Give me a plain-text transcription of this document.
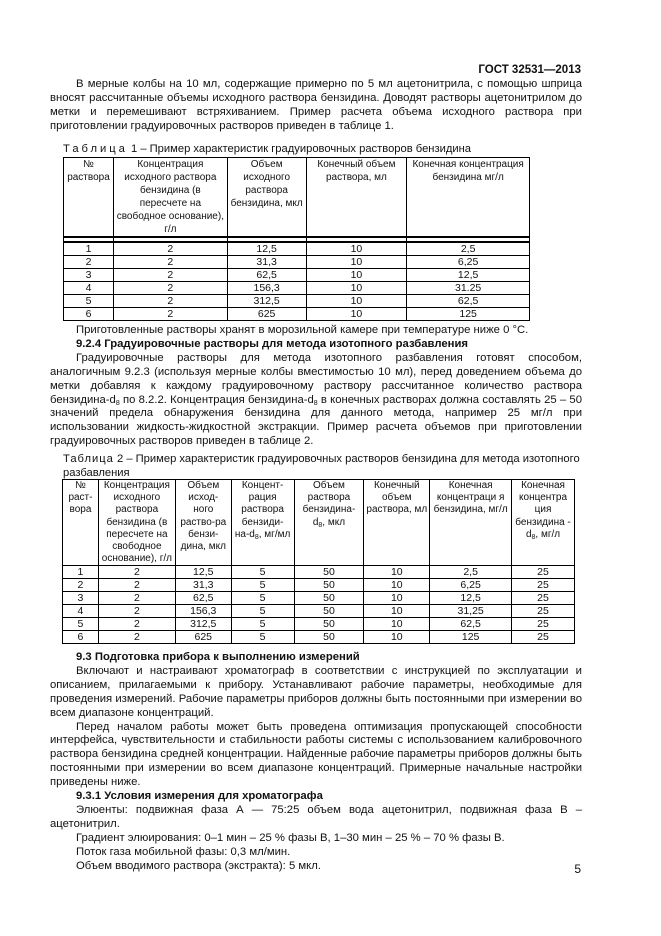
ГОСТ 32531—2013

В мерные колбы на 10 мл, содержащие примерно по 5 мл ацетонитрила, с помощью шприца вносят рассчитанные объемы исходного раствора бензидина. Доводят растворы ацетонитрилом до метки и перемешивают встряхиванием. Пример расчета объема исходного раствора при приготовлении градуировочных растворов приведен в таблице 1.

Таблица 1 – Пример характеристик градуировочных растворов бензидина
№ раствора	Концентрация исходного раствора бензидина (в пересчете на свободное основание), г/л	Объем исходного раствора бензидина, мкл	Конечный объем раствора, мл	Конечная концентрация бензидина мг/л

1	2	12,5	10	2,5
2	2	31,3	10	6,25
3	2	62,5	10	12,5
4	2	156,3	10	31.25
5	2	312,5	10	62,5
6	2	625	10	125

Приготовленные растворы хранят в морозильной камере при температуре ниже 0 °С.

9.2.4 Градуировочные растворы для метода изотопного разбавления

Градуировочные растворы для метода изотопного разбавления готовят способом, аналогичным 9.2.3 (используя мерные колбы вместимостью 10 мл), перед доведением объема до метки добавляя к каждому градуировочному раствору рассчитанное количество раствора бензидина-$d_8$ по 8.2.2. Концентрация бензидина-$d_8$ в конечных растворах должна составлять 25 – 50 значений предела обнаружения бензидина для данного метода, например 25 мг/л при использовании жидкость-жидкостной экстракции. Пример расчета объемов при приготовлении градуировочных растворов приведен в таблице 2.

Таблица 2 – Пример характеристик градуировочных растворов бензидина для метода изотопного разбавления
№ раст- вора	Концентрация исходного раствора бензидина (в пересчете на свободное основание), г/л	Объем исход- ного раство-ра бензи- дина, мкл	Концент- рация раствора бензиди- $на-d_8$, мг/мл	Объем раствора бензидина-$d_8$, мкл	Конечный объем раствора, мл	Конечная концентраци я бензидина, мг/л	Конечная концентра ция бензидина $-d_8$, мг/л
1	2	12,5	5	50	10	2,5	25
2	2	31,3	5	50	10	6,25	25
3	2	62,5	5	50	10	12,5	25
4	2	156,3	5	50	10	31,25	25
5	2	312,5	5	50	10	62,5	25
6	2	625	5	50	10	125	25

9.3 Подготовка прибора к выполнению измерений

Включают и настраивают хроматограф в соответствии с инструкцией по эксплуатации и описанием, прилагаемыми к прибору. Устанавливают рабочие параметры, необходимые для проведения измерений. Рабочие параметры приборов должны быть постоянными при измерении во всем диапазоне концентраций.

Перед началом работы может быть проведена оптимизация пропускающей способности интерфейса, чувствительности и стабильности работы системы с использованием калибровочного раствора бензидина средней концентрации. Найденные рабочие параметры приборов должны быть постоянными при измерении во всем диапазоне концентраций. Примерные начальные настройки приведены ниже.

9.3.1 Условия измерения для хроматографа

Элюенты: подвижная фаза А — 75:25 объем вода ацетонитрил, подвижная фаза В – ацетонитрил.

Градиент элюирования: 0–1 мин – 25 % фазы В, 1–30 мин – 25 % – 70 % фазы В.

Поток газа мобильной фазы: 0,3 мл/мин.

Объем вводимого раствора (экстракта): 5 мкл.	5
